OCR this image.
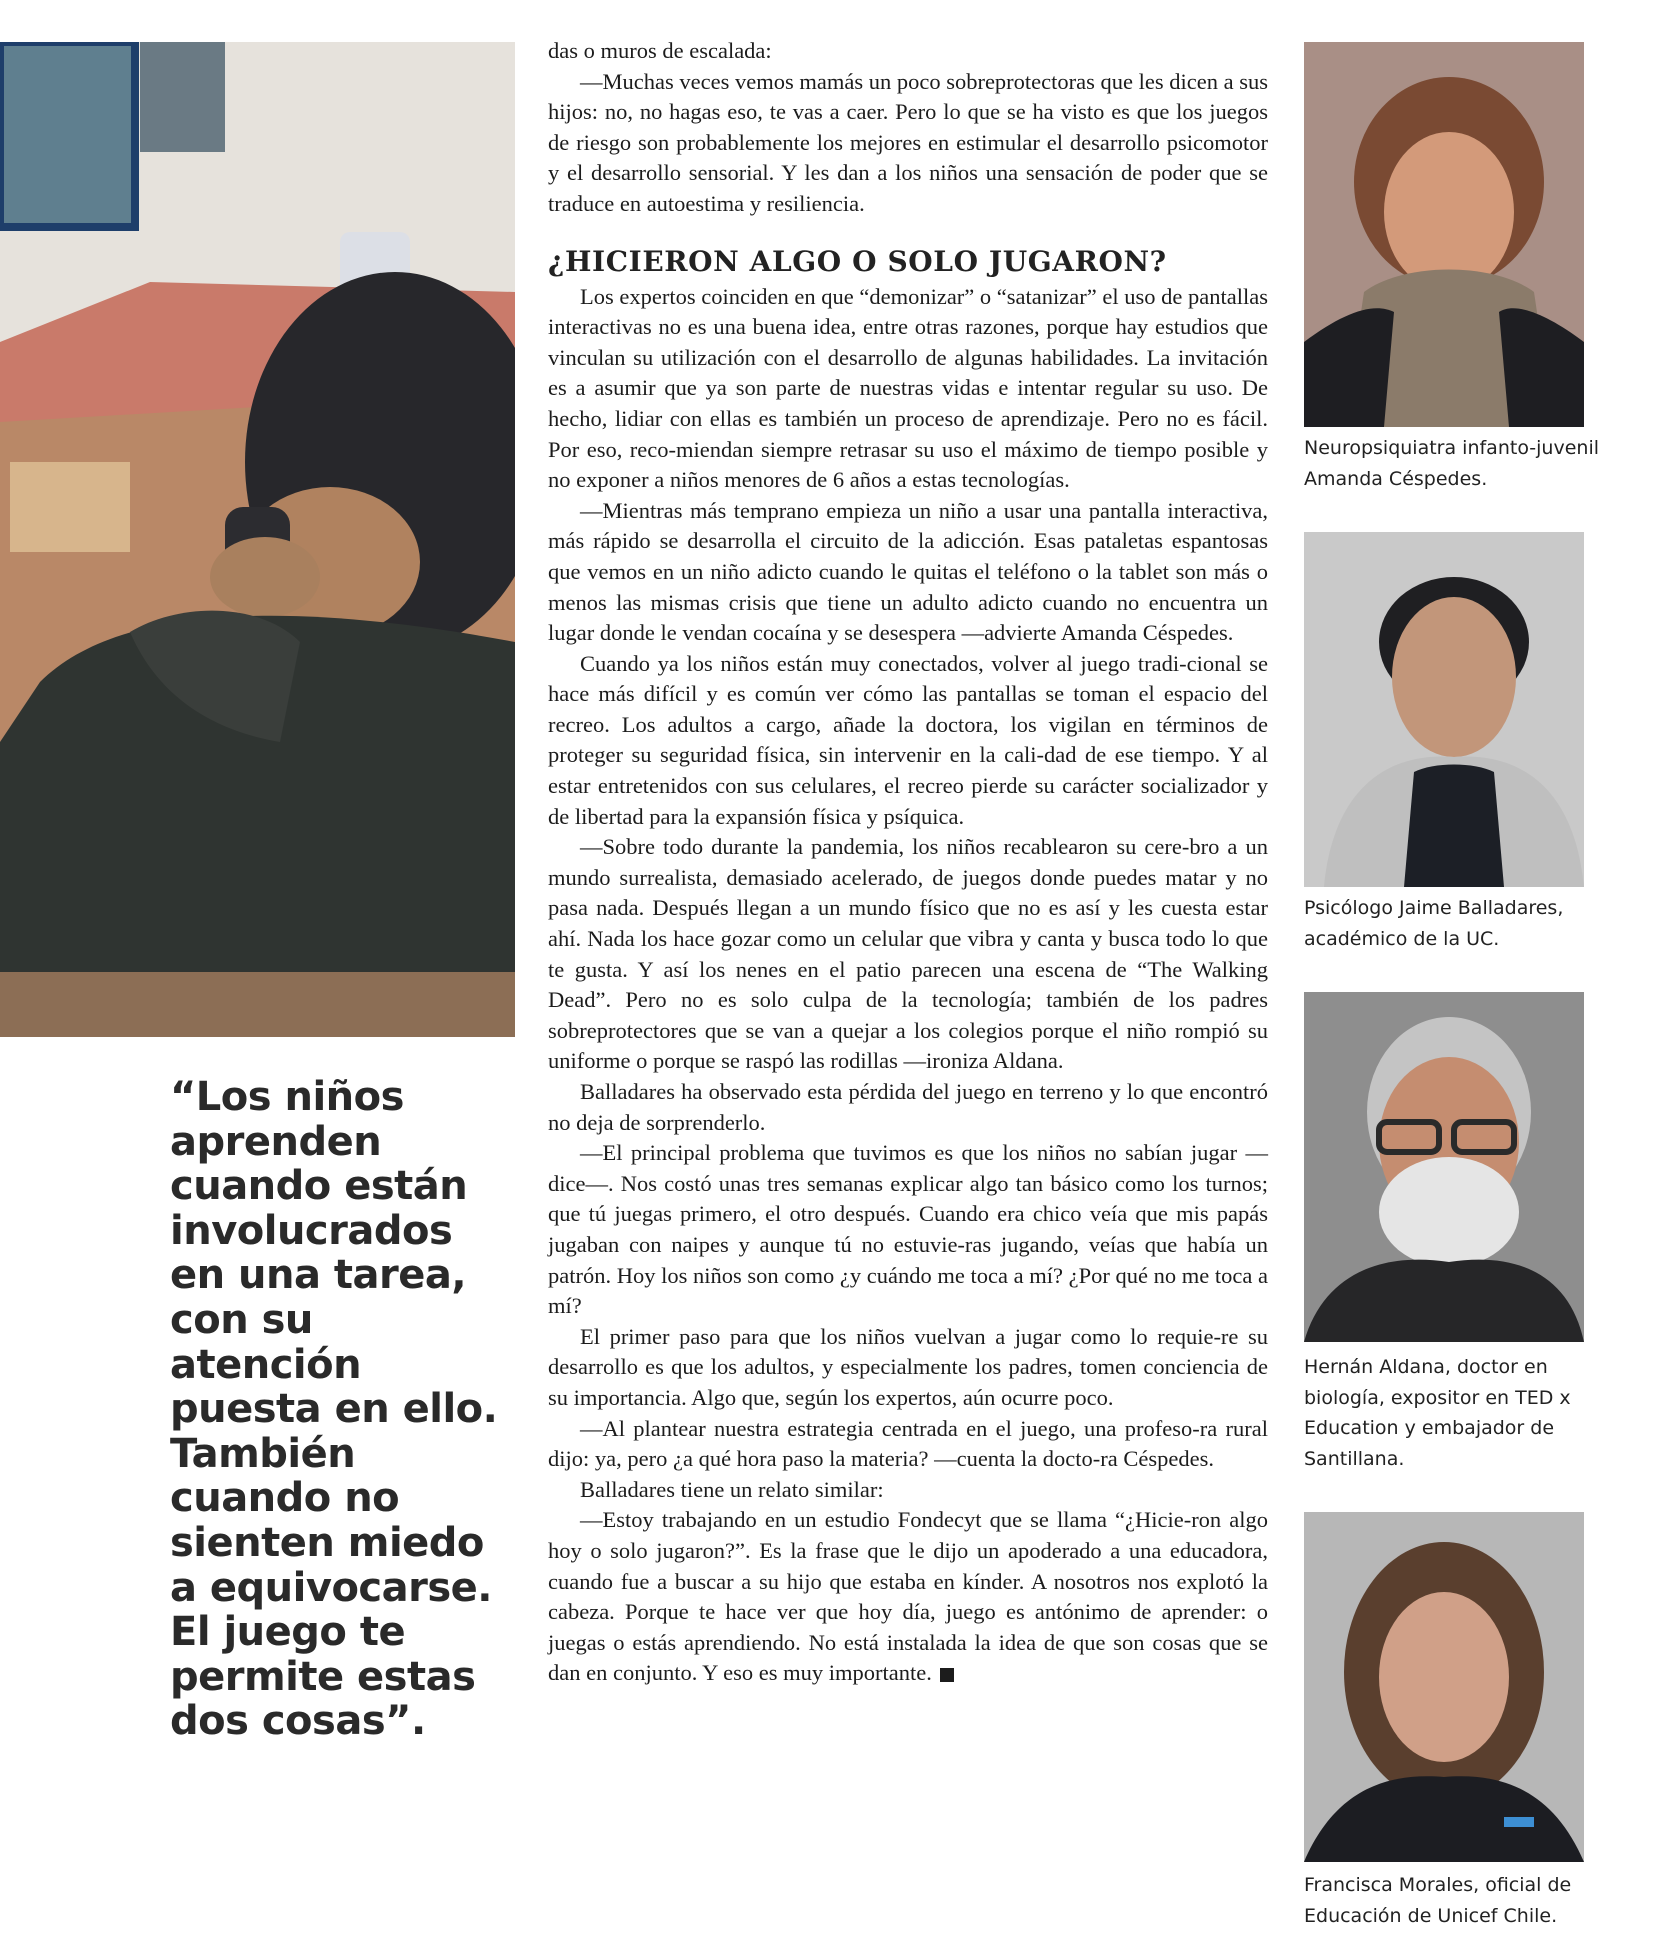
“Los niños aprenden cuando están involucrados en una tarea, con su atención puesta en ello. También cuando no sienten miedo a equivocarse. El juego te permite estas dos cosas”.

das o muros de escalada:

—Muchas veces vemos mamás un poco sobreprotectoras que les dicen a sus hijos: no, no hagas eso, te vas a caer. Pero lo que se ha visto es que los juegos de riesgo son probablemente los mejores en estimular el desarrollo psicomotor y el desarrollo sensorial. Y les dan a los niños una sensación de poder que se traduce en autoestima y resiliencia.

¿HICIERON ALGO O SOLO JUGARON?

Los expertos coinciden en que “demonizar” o “satanizar” el uso de pantallas interactivas no es una buena idea, entre otras razones, porque hay estudios que vinculan su utilización con el desarrollo de algunas habilidades. La invitación es a asumir que ya son parte de nuestras vidas e intentar regular su uso. De hecho, lidiar con ellas es también un proceso de aprendizaje. Pero no es fácil. Por eso, reco-miendan siempre retrasar su uso el máximo de tiempo posible y no exponer a niños menores de 6 años a estas tecnologías.

—Mientras más temprano empieza un niño a usar una pantalla interactiva, más rápido se desarrolla el circuito de la adicción. Esas pataletas espantosas que vemos en un niño adicto cuando le quitas el teléfono o la tablet son más o menos las mismas crisis que tiene un adulto adicto cuando no encuentra un lugar donde le vendan cocaína y se desespera —advierte Amanda Céspedes.

Cuando ya los niños están muy conectados, volver al juego tradi-cional se hace más difícil y es común ver cómo las pantallas se toman el espacio del recreo. Los adultos a cargo, añade la doctora, los vigilan en términos de proteger su seguridad física, sin intervenir en la cali-dad de ese tiempo. Y al estar entretenidos con sus celulares, el recreo pierde su carácter socializador y de libertad para la expansión física y psíquica.

—Sobre todo durante la pandemia, los niños recablearon su cere-bro a un mundo surrealista, demasiado acelerado, de juegos donde puedes matar y no pasa nada. Después llegan a un mundo físico que no es así y les cuesta estar ahí. Nada los hace gozar como un celular que vibra y canta y busca todo lo que te gusta. Y así los nenes en el patio parecen una escena de “The Walking Dead”. Pero no es solo culpa de la tecnología; también de los padres sobreprotectores que se van a quejar a los colegios porque el niño rompió su uniforme o porque se raspó las rodillas —ironiza Aldana.

Balladares ha observado esta pérdida del juego en terreno y lo que encontró no deja de sorprenderlo.

—El principal problema que tuvimos es que los niños no sabían jugar —dice—. Nos costó unas tres semanas explicar algo tan básico como los turnos; que tú juegas primero, el otro después. Cuando era chico veía que mis papás jugaban con naipes y aunque tú no estuvie-ras jugando, veías que había un patrón. Hoy los niños son como ¿y cuándo me toca a mí? ¿Por qué no me toca a mí?

El primer paso para que los niños vuelvan a jugar como lo requie-re su desarrollo es que los adultos, y especialmente los padres, tomen conciencia de su importancia. Algo que, según los expertos, aún ocurre poco.

—Al plantear nuestra estrategia centrada en el juego, una profeso-ra rural dijo: ya, pero ¿a qué hora paso la materia? —cuenta la docto-ra Céspedes.

Balladares tiene un relato similar:

—Estoy trabajando en un estudio Fondecyt que se llama “¿Hicie-ron algo hoy o solo jugaron?”. Es la frase que le dijo un apoderado a una educadora, cuando fue a buscar a su hijo que estaba en kínder. A nosotros nos explotó la cabeza. Porque te hace ver que hoy día, juego es antónimo de aprender: o juegas o estás aprendiendo. No está instalada la idea de que son cosas que se dan en conjunto. Y eso es muy importante.

Neuropsiquiatra infanto-juvenil Amanda Céspedes.
Psicólogo Jaime Balladares, académico de la UC.
Hernán Aldana, doctor en biología, expositor en TED x Education y embajador de Santillana.
Francisca Morales, oficial de Educación de Unicef Chile.
